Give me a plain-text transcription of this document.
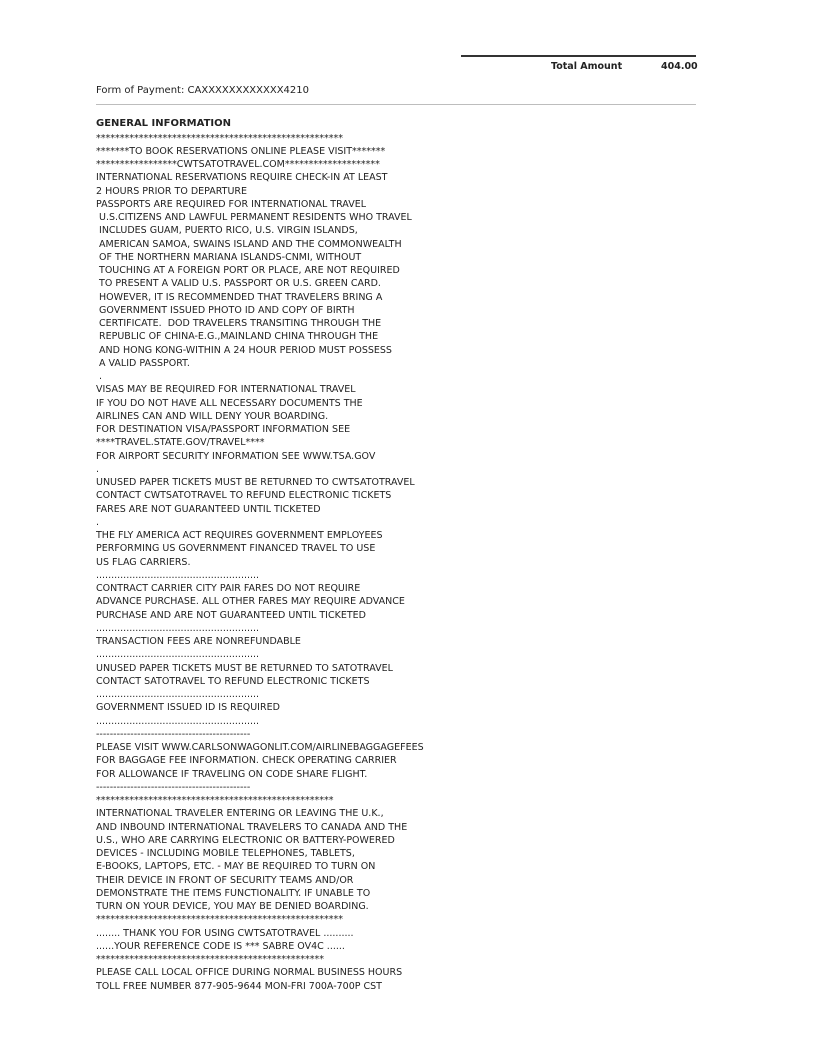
Total Amount	404.00
Form of Payment: CAXXXXXXXXXXXX4210
GENERAL INFORMATION
****************************************************
*******TO BOOK RESERVATIONS ONLINE PLEASE VISIT*******
*****************CWTSATOTRAVEL.COM********************
INTERNATIONAL RESERVATIONS REQUIRE CHECK-IN AT LEAST
2 HOURS PRIOR TO DEPARTURE
PASSPORTS ARE REQUIRED FOR INTERNATIONAL TRAVEL
U.S.CITIZENS AND LAWFUL PERMANENT RESIDENTS WHO TRAVEL
INCLUDES GUAM, PUERTO RICO, U.S. VIRGIN ISLANDS,
AMERICAN SAMOA, SWAINS ISLAND AND THE COMMONWEALTH
OF THE NORTHERN MARIANA ISLANDS-CNMI, WITHOUT
TOUCHING AT A FOREIGN PORT OR PLACE, ARE NOT REQUIRED
TO PRESENT A VALID U.S. PASSPORT OR U.S. GREEN CARD.
HOWEVER, IT IS RECOMMENDED THAT TRAVELERS BRING A
GOVERNMENT ISSUED PHOTO ID AND COPY OF BIRTH
CERTIFICATE.  DOD TRAVELERS TRANSITING THROUGH THE
REPUBLIC OF CHINA-E.G.,MAINLAND CHINA THROUGH THE
AND HONG KONG-WITHIN A 24 HOUR PERIOD MUST POSSESS
A VALID PASSPORT.
.
VISAS MAY BE REQUIRED FOR INTERNATIONAL TRAVEL
IF YOU DO NOT HAVE ALL NECESSARY DOCUMENTS THE
AIRLINES CAN AND WILL DENY YOUR BOARDING.
FOR DESTINATION VISA/PASSPORT INFORMATION SEE
****TRAVEL.STATE.GOV/TRAVEL****
FOR AIRPORT SECURITY INFORMATION SEE WWW.TSA.GOV
.
UNUSED PAPER TICKETS MUST BE RETURNED TO CWTSATOTRAVEL
CONTACT CWTSATOTRAVEL TO REFUND ELECTRONIC TICKETS
FARES ARE NOT GUARANTEED UNTIL TICKETED
.
THE FLY AMERICA ACT REQUIRES GOVERNMENT EMPLOYEES
PERFORMING US GOVERNMENT FINANCED TRAVEL TO USE
US FLAG CARRIERS.
......................................................
CONTRACT CARRIER CITY PAIR FARES DO NOT REQUIRE
ADVANCE PURCHASE. ALL OTHER FARES MAY REQUIRE ADVANCE
PURCHASE AND ARE NOT GUARANTEED UNTIL TICKETED
......................................................
TRANSACTION FEES ARE NONREFUNDABLE
......................................................
UNUSED PAPER TICKETS MUST BE RETURNED TO SATOTRAVEL
CONTACT SATOTRAVEL TO REFUND ELECTRONIC TICKETS
......................................................
GOVERNMENT ISSUED ID IS REQUIRED
......................................................
---------------------------------------------
PLEASE VISIT WWW.CARLSONWAGONLIT.COM/AIRLINEBAGGAGEFEES
FOR BAGGAGE FEE INFORMATION. CHECK OPERATING CARRIER
FOR ALLOWANCE IF TRAVELING ON CODE SHARE FLIGHT.
---------------------------------------------
**************************************************
INTERNATIONAL TRAVELER ENTERING OR LEAVING THE U.K.,
AND INBOUND INTERNATIONAL TRAVELERS TO CANADA AND THE
U.S., WHO ARE CARRYING ELECTRONIC OR BATTERY-POWERED
DEVICES - INCLUDING MOBILE TELEPHONES, TABLETS,
E-BOOKS, LAPTOPS, ETC. - MAY BE REQUIRED TO TURN ON
THEIR DEVICE IN FRONT OF SECURITY TEAMS AND/OR
DEMONSTRATE THE ITEMS FUNCTIONALITY. IF UNABLE TO
TURN ON YOUR DEVICE, YOU MAY BE DENIED BOARDING.
****************************************************
........ THANK YOU FOR USING CWTSATOTRAVEL ..........
......YOUR REFERENCE CODE IS *** SABRE OV4C ......
************************************************
PLEASE CALL LOCAL OFFICE DURING NORMAL BUSINESS HOURS
TOLL FREE NUMBER 877-905-9644 MON-FRI 700A-700P CST
